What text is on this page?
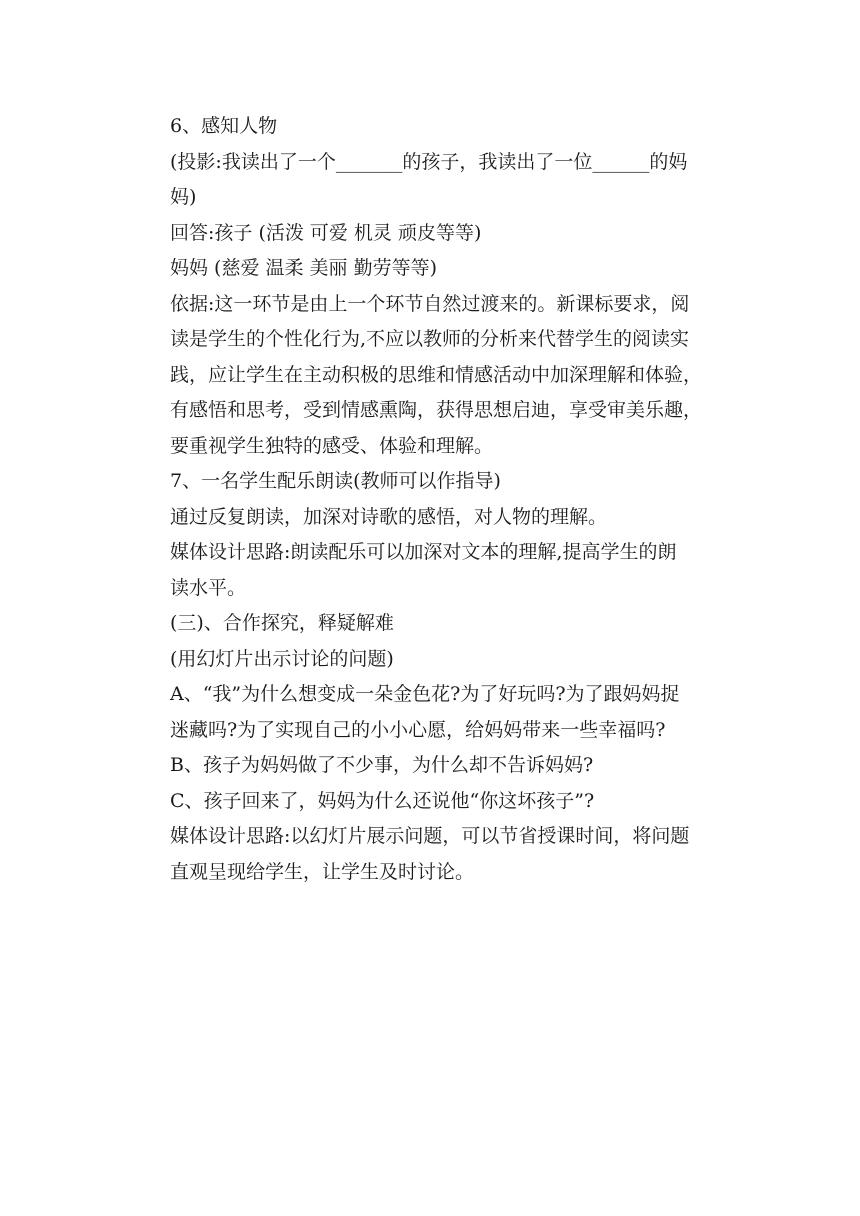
6、感知人物
(投影:我读出了一个_______的孩子，我读出了一位______的妈
妈)
回答:孩子 (活泼 可爱 机灵 顽皮等等)
妈妈 (慈爱 温柔 美丽 勤劳等等)
依据:这一环节是由上一个环节自然过渡来的。新课标要求，阅
读是学生的个性化行为,不应以教师的分析来代替学生的阅读实
践，应让学生在主动积极的思维和情感活动中加深理解和体验，
有感悟和思考，受到情感熏陶，获得思想启迪，享受审美乐趣，
要重视学生独特的感受、体验和理解。
7、一名学生配乐朗读(教师可以作指导)
通过反复朗读，加深对诗歌的感悟，对人物的理解。
媒体设计思路:朗读配乐可以加深对文本的理解,提高学生的朗
读水平。
(三)、合作探究，释疑解难
(用幻灯片出示讨论的问题)
A、“我”为什么想变成一朵金色花?为了好玩吗?为了跟妈妈捉
迷藏吗?为了实现自己的小小心愿，给妈妈带来一些幸福吗?
B、孩子为妈妈做了不少事，为什么却不告诉妈妈?
C、孩子回来了，妈妈为什么还说他“你这坏孩子”?
媒体设计思路:以幻灯片展示问题，可以节省授课时间，将问题
直观呈现给学生，让学生及时讨论。
